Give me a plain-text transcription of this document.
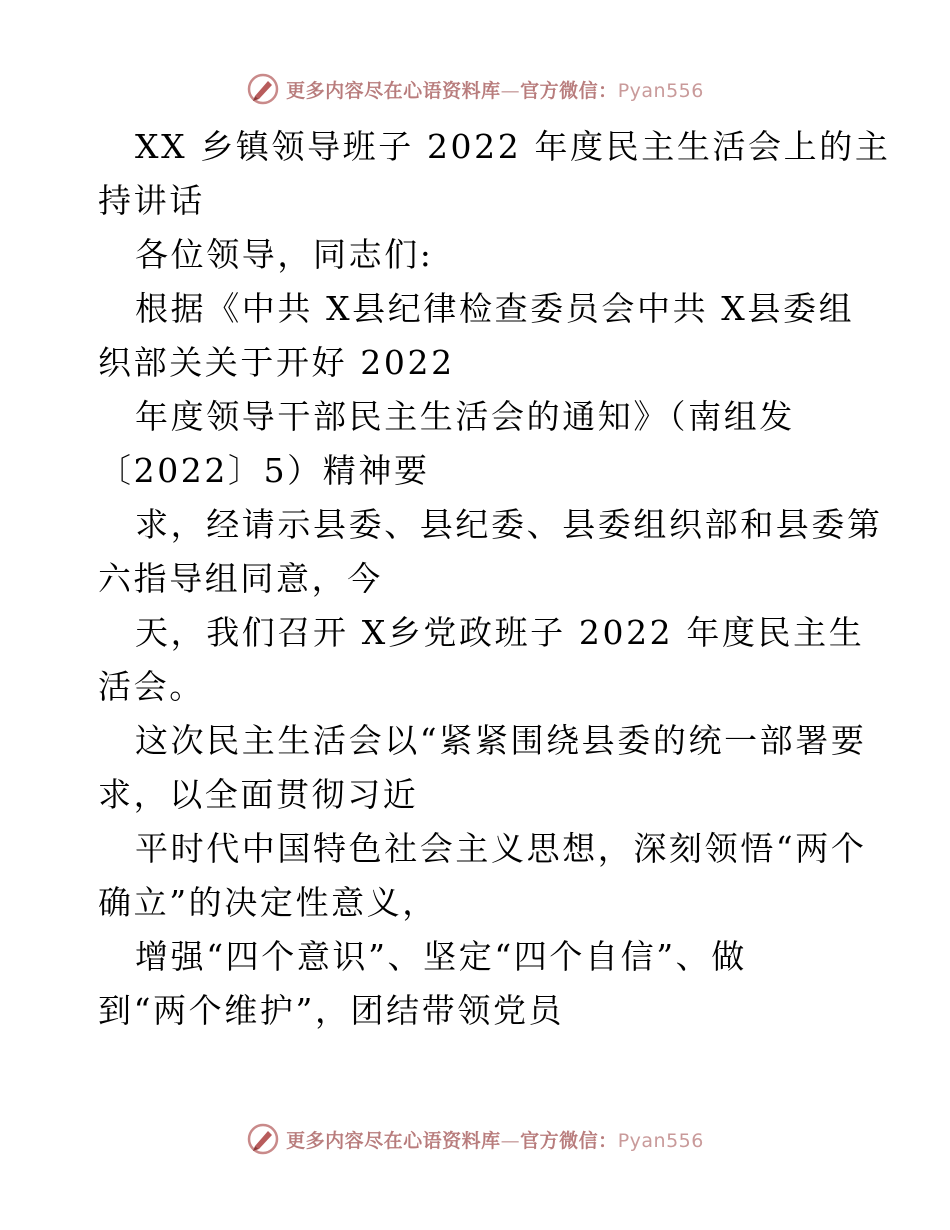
更多内容尽在心语资料库—官方微信：Pyan556
XX 乡镇领导班子 2022 年度民主生活会上的主
持讲话
各位领导，同志们:
根据《中共 X县纪律检查委员会中共 X县委组
织部关关于开好 2022
年度领导干部民主生活会的通知》（南组发
〔2022〕5）精神要
求，经请示县委、县纪委、县委组织部和县委第
六指导组同意，今
天，我们召开 X乡党政班子 2022 年度民主生
活会。
这次民主生活会以“紧紧围绕县委的统一部署要
求，以全面贯彻习近
平时代中国特色社会主义思想，深刻领悟“两个
确立”的决定性意义，
增强“四个意识”、坚定“四个自信”、做
到“两个维护”，团结带领党员
更多内容尽在心语资料库—官方微信：Pyan556
